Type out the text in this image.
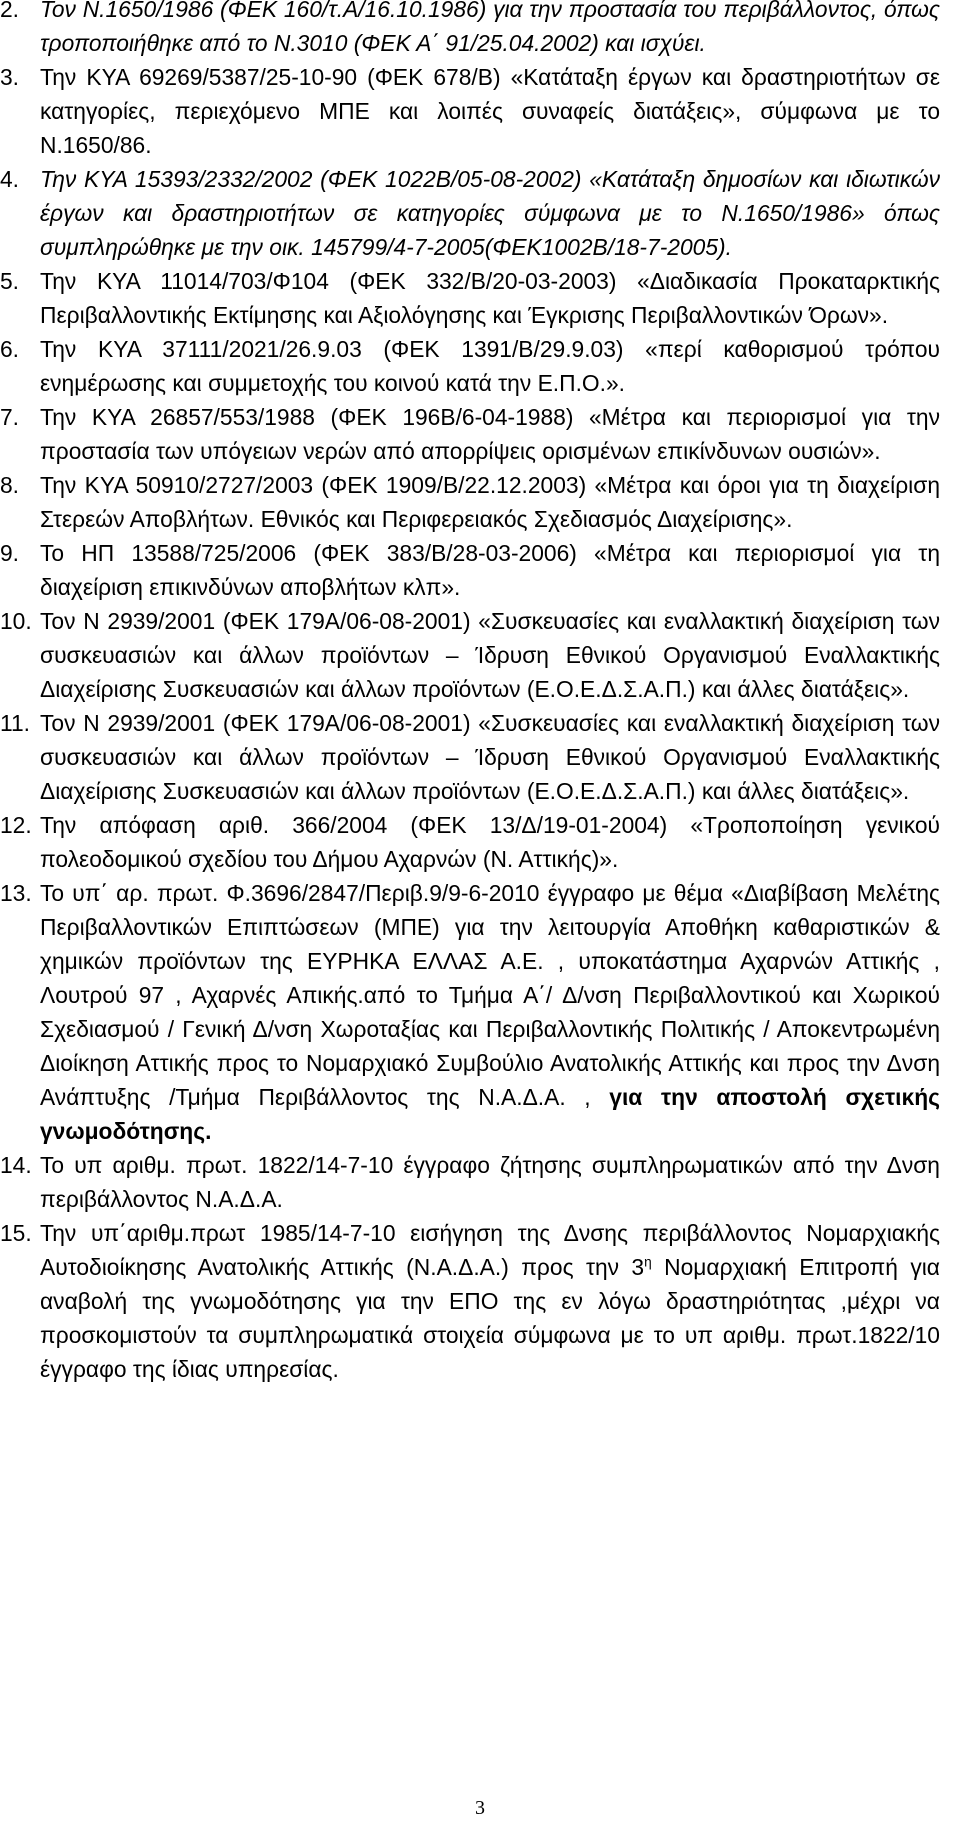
2. Τον Ν.1650/1986 (ΦΕΚ 160/τ.Α/16.10.1986) για την προστασία του περιβάλλοντος, όπως τροποποιήθηκε από το Ν.3010 (ΦΕΚ Α΄ 91/25.04.2002) και ισχύει.
3. Την ΚΥΑ 69269/5387/25-10-90 (ΦΕΚ 678/Β) «Κατάταξη έργων και δραστηριοτήτων σε κατηγορίες, περιεχόμενο ΜΠΕ και λοιπές συναφείς διατάξεις», σύμφωνα με το Ν.1650/86.
4. Την ΚΥΑ 15393/2332/2002 (ΦΕΚ 1022Β/05-08-2002) «Κατάταξη δημοσίων και ιδιωτικών έργων και δραστηριοτήτων σε κατηγορίες σύμφωνα με το Ν.1650/1986» όπως συμπληρώθηκε με την οικ. 145799/4-7-2005(ΦΕΚ1002Β/18-7-2005).
5. Την ΚΥΑ 11014/703/Φ104 (ΦΕΚ 332/Β/20-03-2003) «Διαδικασία Προκαταρκτικής Περιβαλλοντικής Εκτίμησης και Αξιολόγησης και Έγκρισης Περιβαλλοντικών Όρων».
6. Την ΚΥΑ 37111/2021/26.9.03 (ΦΕΚ 1391/Β/29.9.03) «περί καθορισμού τρόπου ενημέρωσης και συμμετοχής του κοινού κατά την Ε.Π.Ο.».
7. Την ΚΥΑ 26857/553/1988 (ΦΕΚ 196Β/6-04-1988) «Μέτρα και περιορισμοί για την προστασία των υπόγειων νερών από απορρίψεις ορισμένων επικίνδυνων ουσιών».
8. Την ΚΥΑ 50910/2727/2003 (ΦΕΚ 1909/Β/22.12.2003) «Μέτρα και όροι για τη διαχείριση Στερεών Αποβλήτων. Εθνικός και Περιφερειακός Σχεδιασμός Διαχείρισης».
9. Το ΗΠ 13588/725/2006 (ΦΕΚ 383/Β/28-03-2006) «Μέτρα και περιορισμοί για τη διαχείριση επικινδύνων αποβλήτων κλπ».
10. Τον Ν 2939/2001 (ΦΕΚ 179Α/06-08-2001) «Συσκευασίες και εναλλακτική διαχείριση των συσκευασιών και άλλων προϊόντων – Ίδρυση Εθνικού Οργανισμού Εναλλακτικής Διαχείρισης Συσκευασιών και άλλων προϊόντων (Ε.Ο.Ε.Δ.Σ.Α.Π.) και άλλες διατάξεις».
11. Τον Ν 2939/2001 (ΦΕΚ 179Α/06-08-2001) «Συσκευασίες και εναλλακτική διαχείριση των συσκευασιών και άλλων προϊόντων – Ίδρυση Εθνικού Οργανισμού Εναλλακτικής Διαχείρισης Συσκευασιών και άλλων προϊόντων (Ε.Ο.Ε.Δ.Σ.Α.Π.) και άλλες διατάξεις».
12. Την απόφαση αριθ. 366/2004 (ΦΕΚ 13/Δ/19-01-2004) «Τροποποίηση γενικού πολεοδομικού σχεδίου του Δήμου Αχαρνών (Ν. Αττικής)».
13. Το υπ΄ αρ. πρωτ. Φ.3696/2847/Περιβ.9/9-6-2010 έγγραφο με θέμα «Διαβίβαση Μελέτης Περιβαλλοντικών Επιπτώσεων (ΜΠΕ) για την λειτουργία Αποθήκη καθαριστικών & χημικών προϊόντων της ΕΥΡΗΚΑ ΕΛΛΑΣ Α.Ε. , υποκατάστημα Αχαρνών Αττικής , Λουτρού 97 , Αχαρνές Απικής.από το Τμήμα Α΄/ Δ/νση Περιβαλλοντικού και Χωρικού Σχεδιασμού / Γενική Δ/νση Χωροταξίας και Περιβαλλοντικής Πολιτικής / Αποκεντρωμένη Διοίκηση Αττικής προς το Νομαρχιακό Συμβούλιο Ανατολικής Αττικής και προς την Δνση Ανάπτυξης /Τμήμα Περιβάλλοντος της Ν.Α.Δ.Α. , για την αποστολή σχετικής γνωμοδότησης.
14. Το υπ αριθμ. πρωτ. 1822/14-7-10 έγγραφο ζήτησης συμπληρωματικών από την Δνση περιβάλλοντος Ν.Α.Δ.Α.
15. Την υπ΄αριθμ.πρωτ 1985/14-7-10 εισήγηση της Δνσης περιβάλλοντος Νομαρχιακής Αυτοδιοίκησης Ανατολικής Αττικής (Ν.Α.Δ.Α.) προς την $3^\eta$ Νομαρχιακή Επιτροπή για αναβολή της γνωμοδότησης για την ΕΠΟ της εν λόγω δραστηριότητας ,μέχρι να προσκομιστούν τα συμπληρωματικά στοιχεία σύμφωνα με το υπ αριθμ. πρωτ.1822/10 έγγραφο της ίδιας υπηρεσίας.
3
